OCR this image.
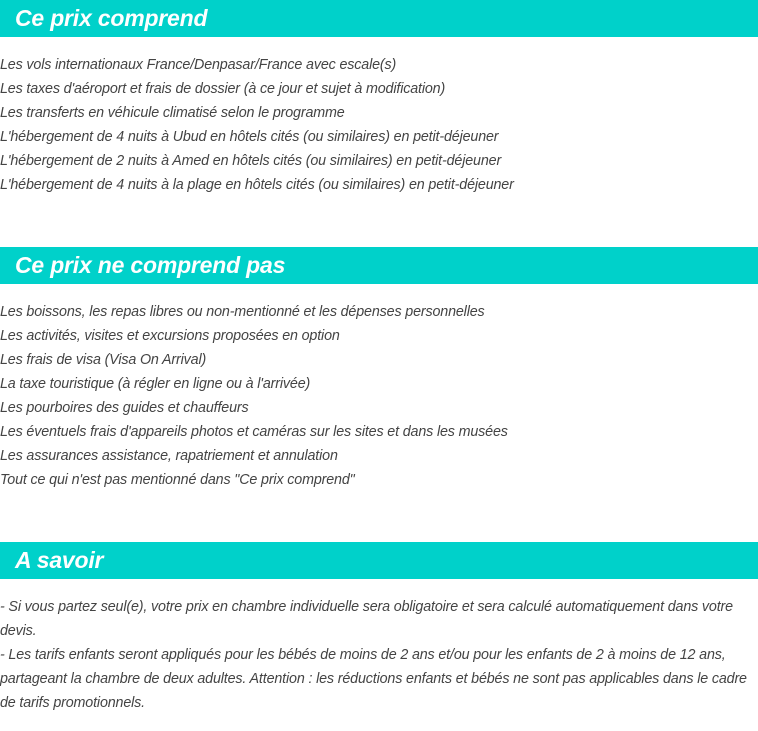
Ce prix comprend
Les vols internationaux France/Denpasar/France avec escale(s)
Les taxes d'aéroport et frais de dossier (à ce jour et sujet à modification)
Les transferts en véhicule climatisé selon le programme
L'hébergement de 4 nuits à Ubud en hôtels cités (ou similaires) en petit-déjeuner
L'hébergement de 2 nuits à Amed en hôtels cités (ou similaires) en petit-déjeuner
L'hébergement de 4 nuits à la plage en hôtels cités (ou similaires) en petit-déjeuner
Ce prix ne comprend pas
Les boissons, les repas libres ou non-mentionné et les dépenses personnelles
Les activités, visites et excursions proposées en option
Les frais de visa (Visa On Arrival)
La taxe touristique (à régler en ligne ou à l'arrivée)
Les pourboires des guides et chauffeurs
Les éventuels frais d'appareils photos et caméras sur les sites et dans les musées
Les assurances assistance, rapatriement et annulation
Tout ce qui n'est pas mentionné dans "Ce prix comprend"
A savoir

- Si vous partez seul(e), votre prix en chambre individuelle sera obligatoire et sera calculé automatiquement dans votre devis.

- Les tarifs enfants seront appliqués pour les bébés de moins de 2 ans et/ou pour les enfants de 2 à moins de 12 ans, partageant la chambre de deux adultes. Attention : les réductions enfants et bébés ne sont pas applicables dans le cadre de tarifs promotionnels.
